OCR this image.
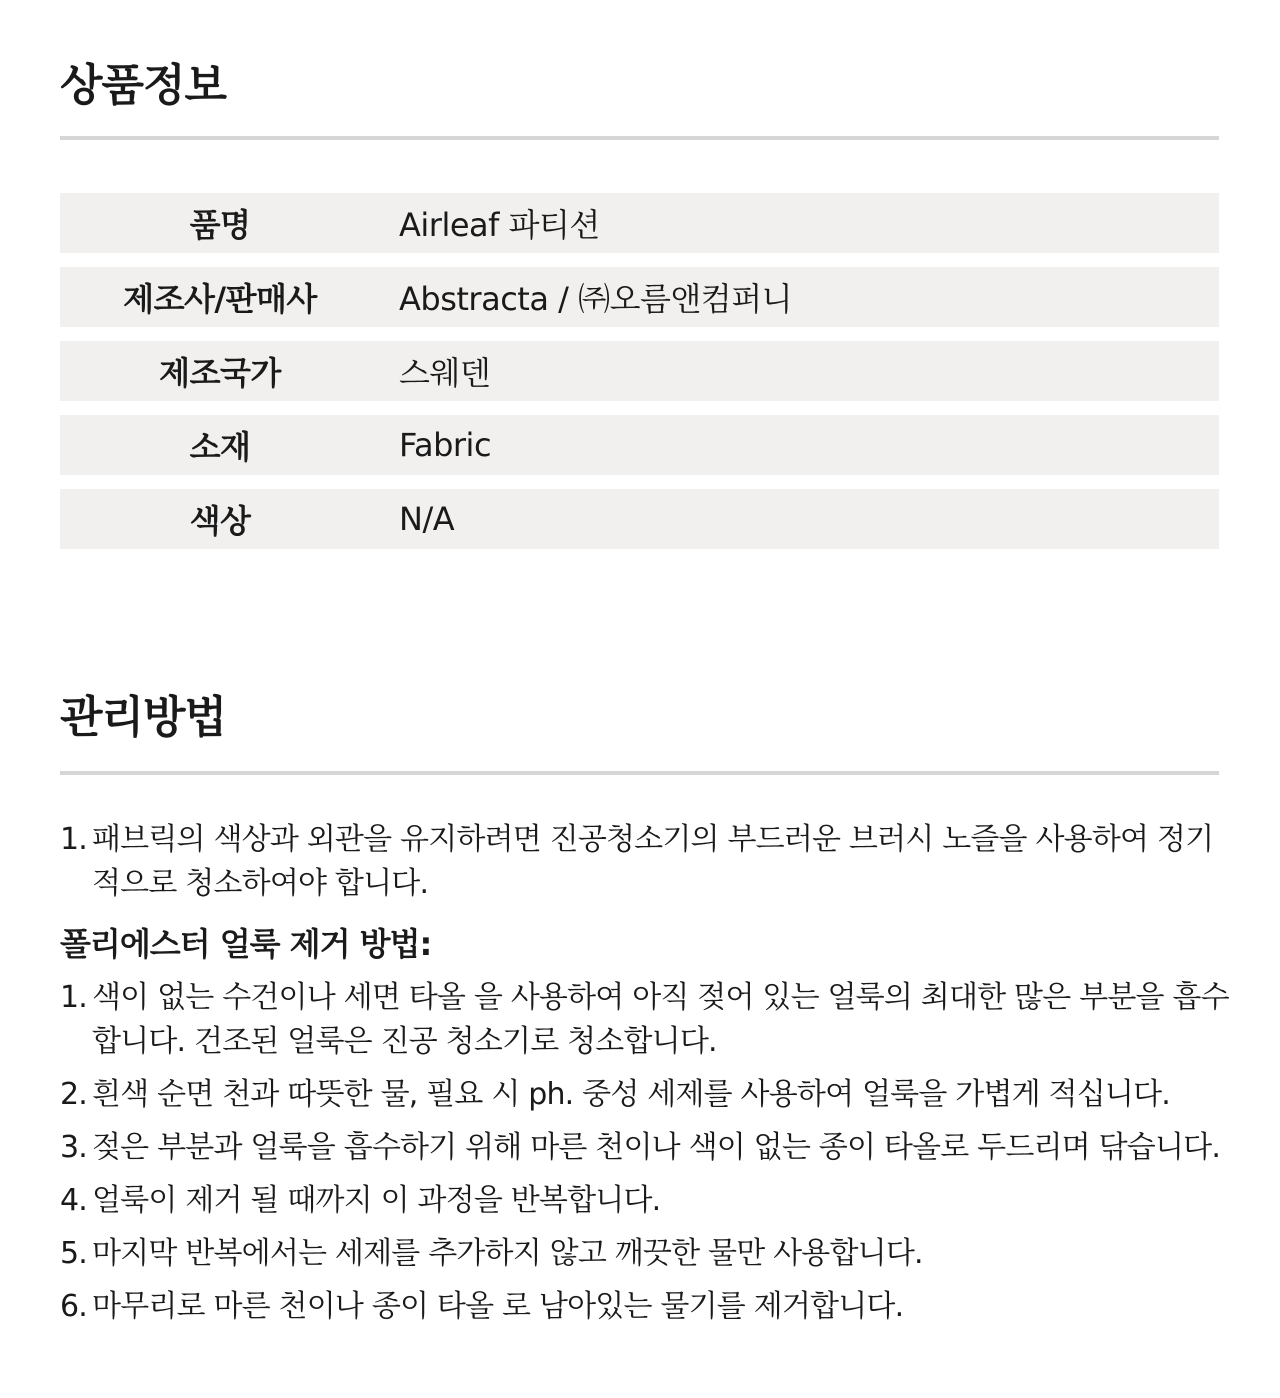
상품정보
품명	Airleaf 파티션
제조사/판매사	Abstracta / ㈜오름앤컴퍼니
제조국가	스웨덴
소재	Fabric
색상	N/A
관리방법
1. 패브릭의 색상과 외관을 유지하려면 진공청소기의 부드러운 브러시 노즐을 사용하여 정기적으로 청소하여야 합니다.
폴리에스터 얼룩 제거 방법:
1. 색이 없는 수건이나 세면 타올 을 사용하여 아직 젖어 있는 얼룩의 최대한 많은 부분을 흡수 합니다. 건조된 얼룩은 진공 청소기로 청소합니다.
2. 흰색 순면 천과 따뜻한 물, 필요 시 ph. 중성 세제를 사용하여 얼룩을 가볍게 적십니다.
3. 젖은 부분과 얼룩을 흡수하기 위해 마른 천이나 색이 없는 종이 타올로 두드리며 닦습니다.
4. 얼룩이 제거 될 때까지 이 과정을 반복합니다.
5. 마지막 반복에서는 세제를 추가하지 않고 깨끗한 물만 사용합니다.
6. 마무리로 마른 천이나 종이 타올 로 남아있는 물기를 제거합니다.
